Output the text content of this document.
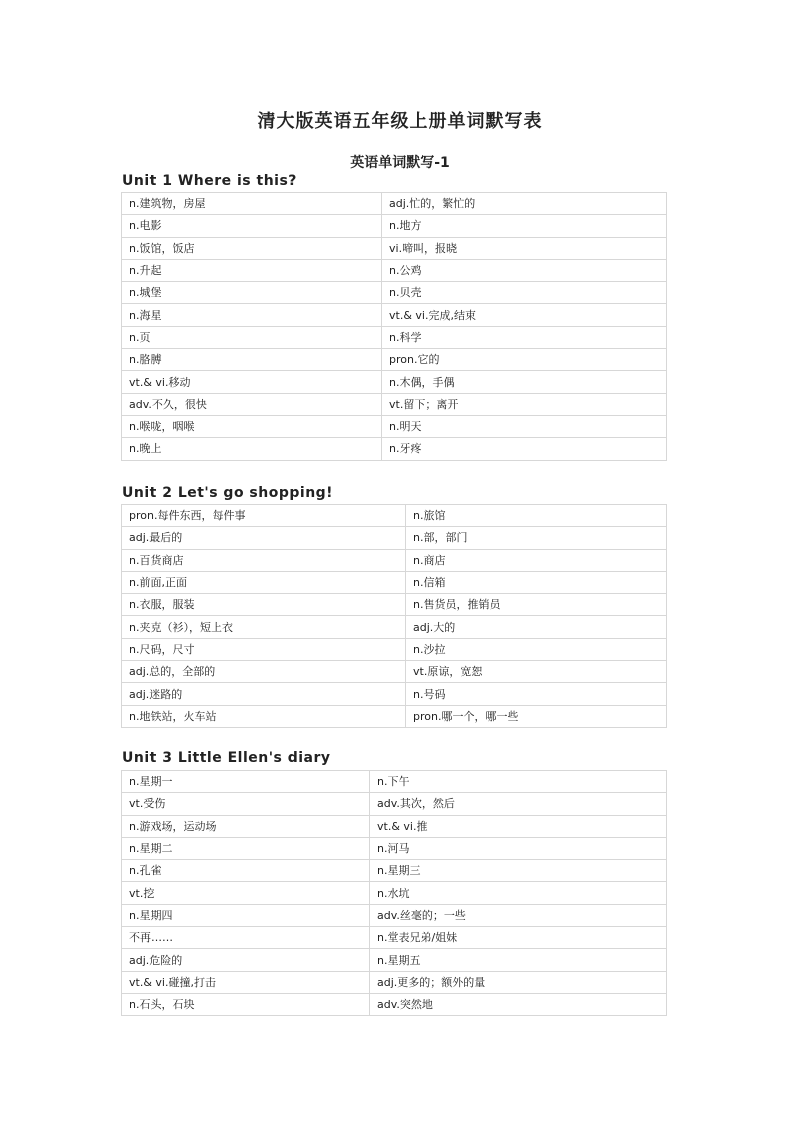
清大版英语五年级上册单词默写表
英语单词默写-1
Unit 1 Where is this?
n.建筑物，房屋	adj.忙的，繁忙的
n.电影	n.地方
n.饭馆，饭店	vi.啼叫，报晓
n.升起	n.公鸡
n.城堡	n.贝壳
n.海星	vt.& vi.完成,结束
n.页	n.科学
n.胳膊	pron.它的
vt.& vi.移动	n.木偶，手偶
adv.不久，很快	vt.留下；离开
n.喉咙，咽喉	n.明天
n.晚上	n.牙疼
Unit 2 Let's go shopping!
pron.每件东西，每件事	n.旅馆
adj.最后的	n.部，部门
n.百货商店	n.商店
n.前面,正面	n.信箱
n.衣服，服装	n.售货员，推销员
n.夹克（衫），短上衣	adj.大的
n.尺码，尺寸	n.沙拉
adj.总的，全部的	vt.原谅，宽恕
adj.迷路的	n.号码
n.地铁站，火车站	pron.哪一个，哪一些
Unit 3 Little Ellen's diary
n.星期一	n.下午
vt.受伤	adv.其次，然后
n.游戏场，运动场	vt.& vi.推
n.星期二	n.河马
n.孔雀	n.星期三
vt.挖	n.水坑
n.星期四	adv.丝毫的；一些
不再……	n.堂表兄弟/姐妹
adj.危险的	n.星期五
vt.& vi.碰撞,打击	adj.更多的；额外的量
n.石头，石块	adv.突然地
